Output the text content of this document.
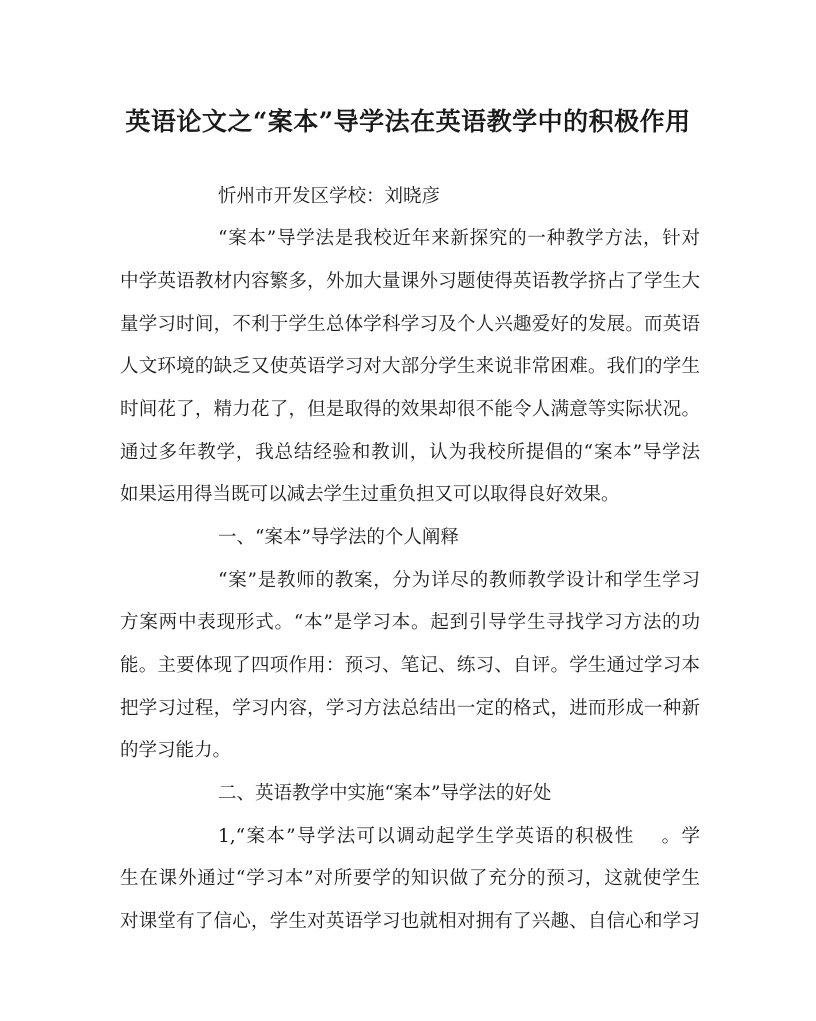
英语论文之“案本”导学法在英语教学中的积极作用
忻州市开发区学校：刘晓彦
“案本”导学法是我校近年来新探究的一种教学方法，针对
中学英语教材内容繁多，外加大量课外习题使得英语教学挤占了学生大
量学习时间，不利于学生总体学科学习及个人兴趣爱好的发展。而英语
人文环境的缺乏又使英语学习对大部分学生来说非常困难。我们的学生
时间花了，精力花了，但是取得的效果却很不能令人满意等实际状况。
通过多年教学，我总结经验和教训，认为我校所提倡的“案本”导学法
如果运用得当既可以减去学生过重负担又可以取得良好效果。
一、“案本”导学法的个人阐释
“案”是教师的教案，分为详尽的教师教学设计和学生学习
方案两中表现形式。“本”是学习本。起到引导学生寻找学习方法的功
能。主要体现了四项作用：预习、笔记、练习、自评。学生通过学习本
把学习过程，学习内容，学习方法总结出一定的格式，进而形成一种新
的学习能力。
二、英语教学中实施“案本”导学法的好处
1,“案本”导学法可以调动起学生学英语的积极性　 。学
生在课外通过“学习本”对所要学的知识做了充分的预习，这就使学生
对课堂有了信心，学生对英语学习也就相对拥有了兴趣、自信心和学习
